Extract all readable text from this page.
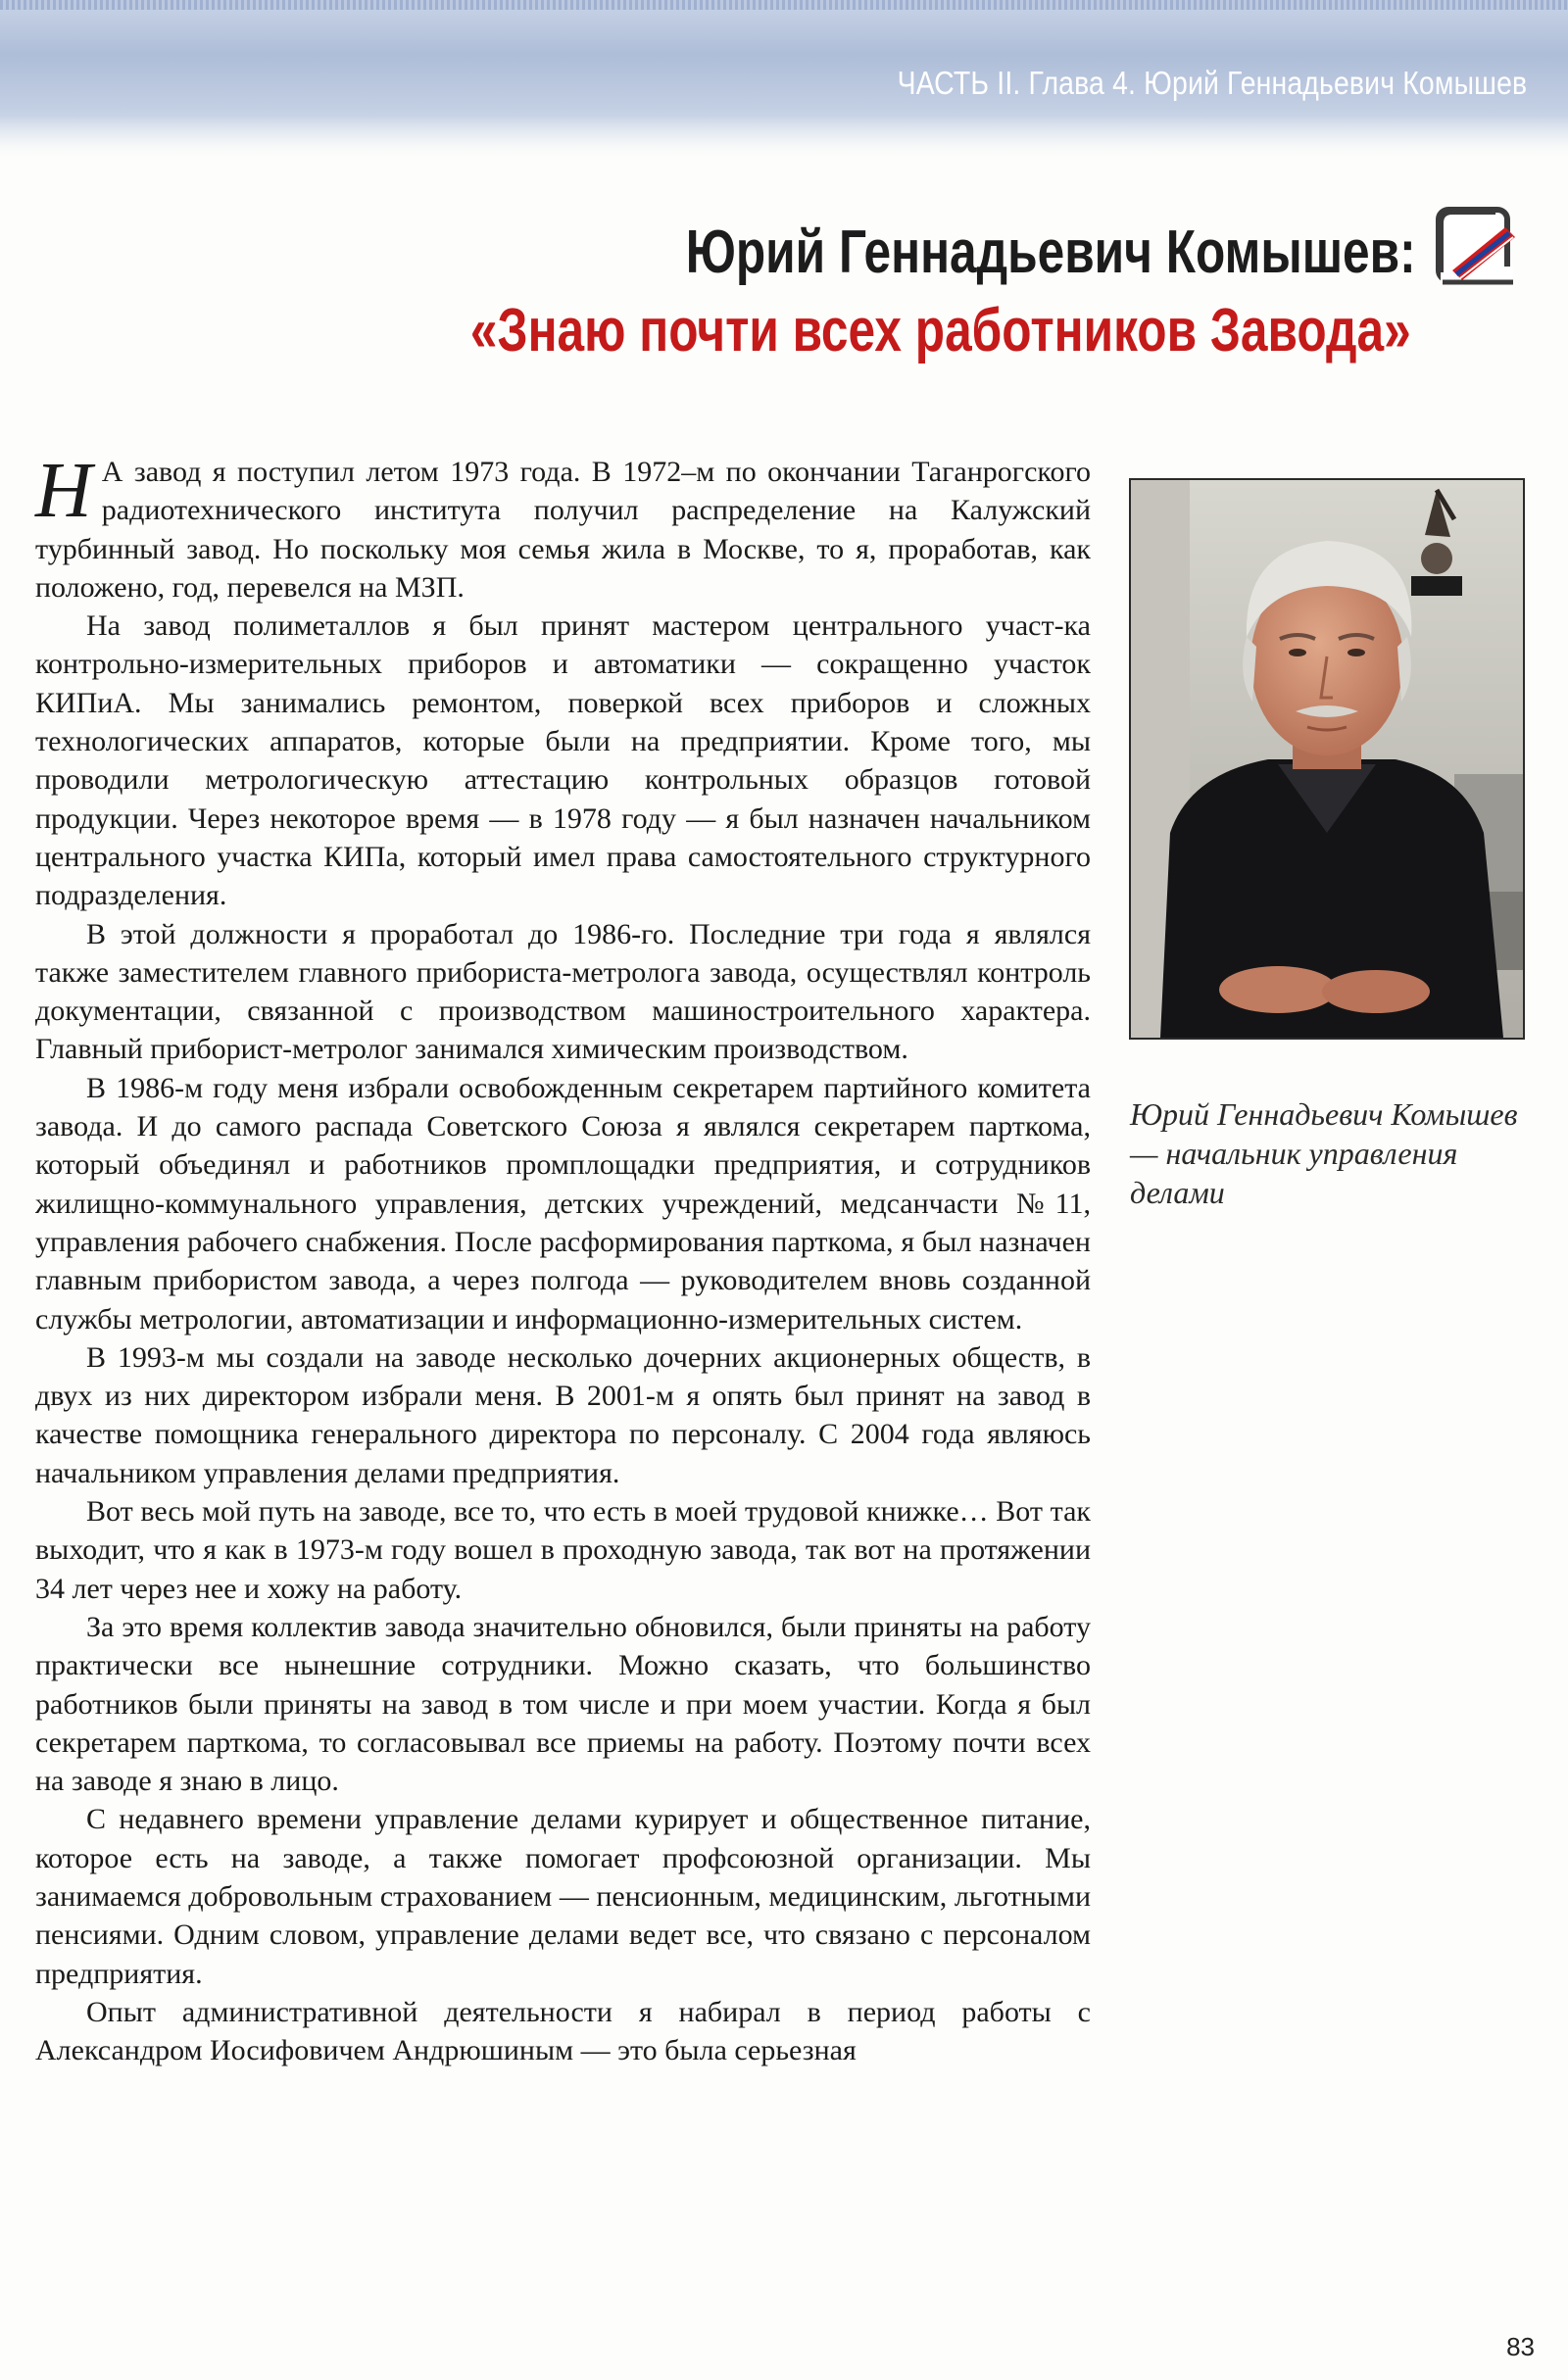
ЧАСТЬ II. Глава 4. Юрий Геннадьевич Комышев
Юрий Геннадьевич Комышев:
«Знаю почти всех работников Завода»

Н А завод я поступил летом 1973 года. В 1972–м по окончании Таганрогского радиотехнического института получил распределение на Калужский турбинный завод. Но поскольку моя семья жила в Москве, то я, проработав, как положено, год, перевелся на МЗП.

На завод полиметаллов я был принят мастером центрального участ-ка контрольно-измерительных приборов и автоматики — сокращенно участок КИПиА. Мы занимались ремонтом, поверкой всех приборов и сложных технологических аппаратов, которые были на предприятии. Кроме того, мы проводили метрологическую аттестацию контрольных образцов готовой продукции. Через некоторое время — в 1978 году — я был назначен начальником центрального участка КИПа, который имел права самостоятельного структурного подразделения.

В этой должности я проработал до 1986-го. Последние три года я являлся также заместителем главного прибориста-метролога завода, осуществлял контроль документации, связанной с производством машиностроительного характера. Главный приборист-метролог занимался химическим производством.

В 1986-м году меня избрали освобожденным секретарем партийного комитета завода. И до самого распада Советского Союза я являлся секретарем парткома, который объединял и работников промплощадки предприятия, и сотрудников жилищно-коммунального управления, детских учреждений, медсанчасти №11, управления рабочего снабжения. После расформирования парткома, я был назначен главным прибористом завода, а через полгода — руководителем вновь созданной службы метрологии, автоматизации и информационно-измерительных систем.

В 1993-м мы создали на заводе несколько дочерних акционерных обществ, в двух из них директором избрали меня. В 2001-м я опять был принят на завод в качестве помощника генерального директора по персоналу. С 2004 года являюсь начальником управления делами предприятия.

Вот весь мой путь на заводе, все то, что есть в моей трудовой книжке… Вот так выходит, что я как в 1973-м году вошел в проходную завода, так вот на протяжении 34 лет через нее и хожу на работу.

За это время коллектив завода значительно обновился, были приняты на работу практически все нынешние сотрудники. Можно сказать, что большинство работников были приняты на завод в том числе и при моем участии. Когда я был секретарем парткома, то согласовывал все приемы на работу. Поэтому почти всех на заводе я знаю в лицо.

С недавнего времени управление делами курирует и общественное питание, которое есть на заводе, а также помогает профсоюзной организации. Мы занимаемся добровольным страхованием — пенсионным, медицинским, льготными пенсиями. Одним словом, управление делами ведет все, что связано с персоналом предприятия.

Опыт административной деятельности я набирал в период работы с Александром Иосифовичем Андрюшиным — это была серьезная

Юрий Геннадьевич Комышев — начальник управления делами
83
